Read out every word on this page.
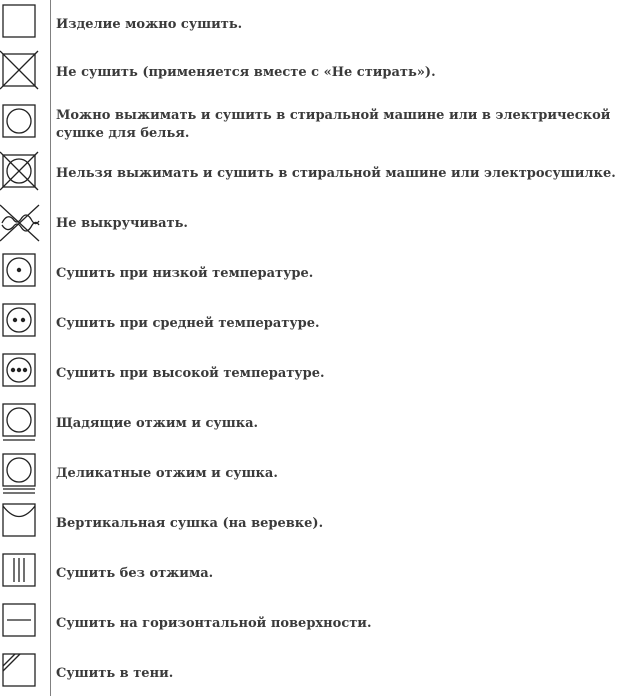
Изделие можно сушить.
Не сушить (применяется вместе с «Не стирать»).
Можно выжимать и сушить в стиральной машине или в электрической сушке для белья.
Нельзя выжимать и сушить в стиральной машине или электросушилке.
Не выкручивать.
Сушить при низкой температуре.
Сушить при средней температуре.
Сушить при высокой температуре.
Щадящие отжим и сушка.
Деликатные отжим и сушка.
Вертикальная сушка (на веревке).
Сушить без отжима.
Сушить на горизонтальной поверхности.
Сушить в тени.
